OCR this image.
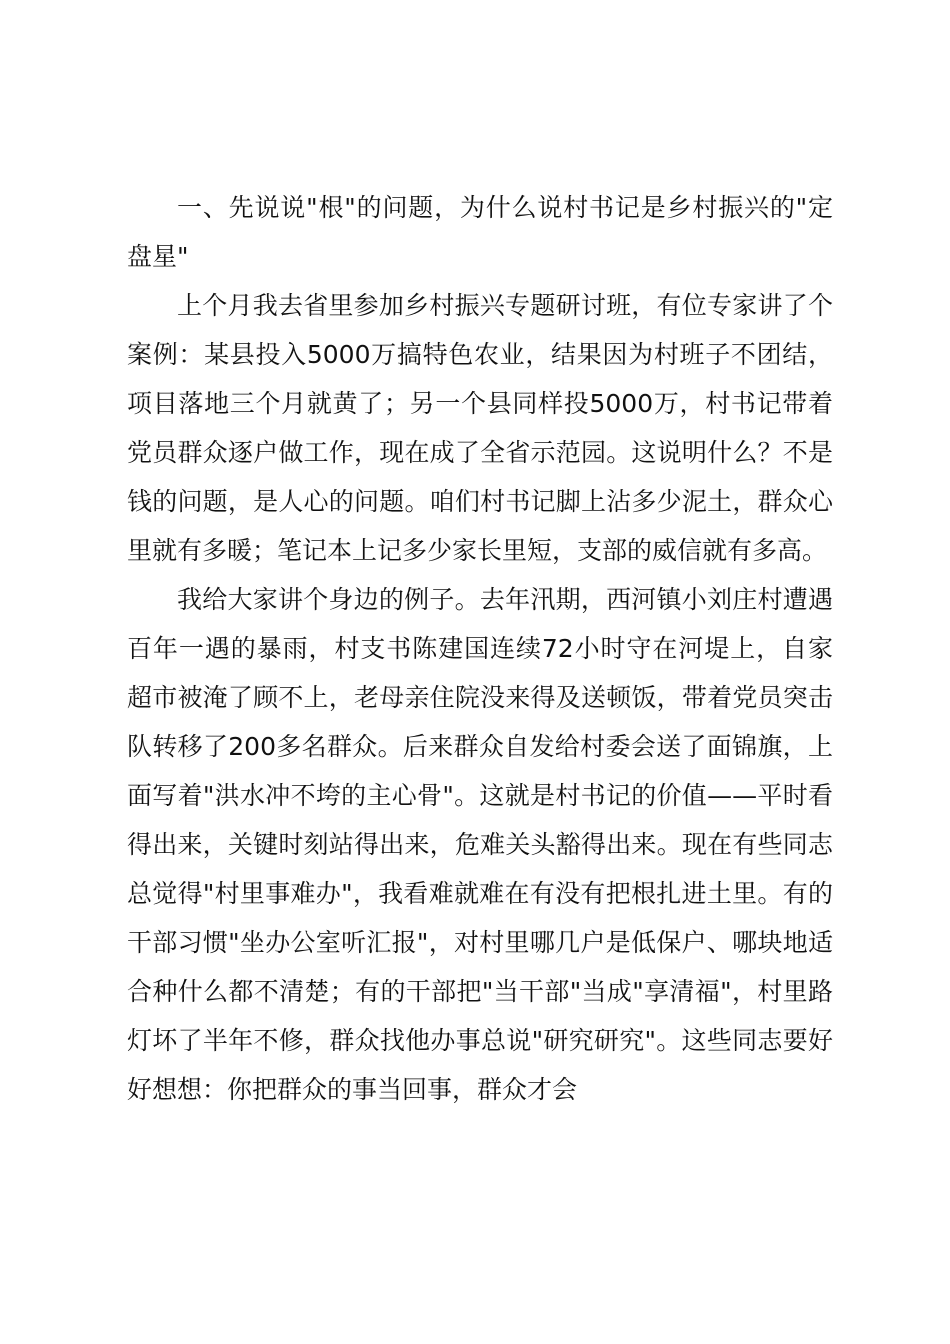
一、先说说"根"的问题，为什么说村书记是乡村振兴的"定盘星"

上个月我去省里参加乡村振兴专题研讨班，有位专家讲了个案例：某县投入5000万搞特色农业，结果因为村班子不团结，项目落地三个月就黄了；另一个县同样投5000万，村书记带着党员群众逐户做工作，现在成了全省示范园。这说明什么？不是钱的问题，是人心的问题。咱们村书记脚上沾多少泥土，群众心里就有多暖；笔记本上记多少家长里短，支部的威信就有多高。

我给大家讲个身边的例子。去年汛期，西河镇小刘庄村遭遇百年一遇的暴雨，村支书陈建国连续72小时守在河堤上，自家超市被淹了顾不上，老母亲住院没来得及送顿饭，带着党员突击队转移了200多名群众。后来群众自发给村委会送了面锦旗，上面写着"洪水冲不垮的主心骨"。这就是村书记的价值——平时看得出来，关键时刻站得出来，危难关头豁得出来。现在有些同志总觉得"村里事难办"，我看难就难在有没有把根扎进土里。有的干部习惯"坐办公室听汇报"，对村里哪几户是低保户、哪块地适合种什么都不清楚；有的干部把"当干部"当成"享清福"，村里路灯坏了半年不修，群众找他办事总说"研究研究"。这些同志要好好想想：你把群众的事当回事，群众才会
